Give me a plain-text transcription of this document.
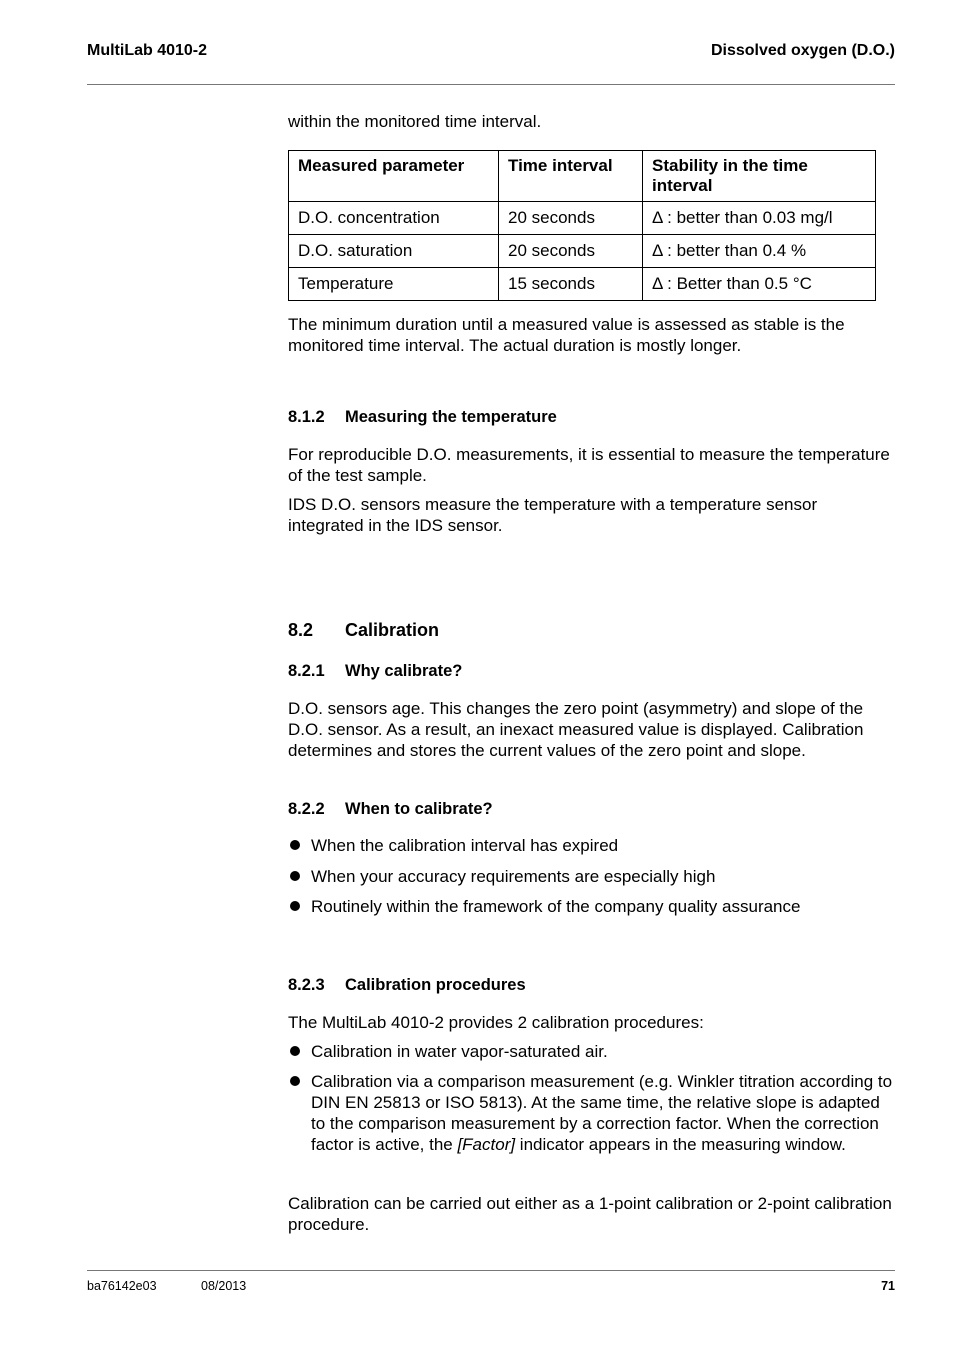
MultiLab 4010-2	Dissolved oxygen (D.O.)

within the monitored time interval.

Measured parameter	Time interval	Stability in the time interval
D.O. concentration	20 seconds	Δ : better than 0.03 mg/l
D.O. saturation	20 seconds	Δ : better than 0.4 %
Temperature	15 seconds	Δ : Better than 0.5 °C

The minimum duration until a measured value is assessed as stable is the monitored time interval. The actual duration is mostly longer.

8.1.2 Measuring the temperature

For reproducible D.O. measurements, it is essential to measure the temperature of the test sample.

IDS D.O. sensors measure the temperature with a temperature sensor integrated in the IDS sensor.

8.2 Calibration
8.2.1 Why calibrate?

D.O. sensors age. This changes the zero point (asymmetry) and slope of the D.O. sensor. As a result, an inexact measured value is displayed. Calibration determines and stores the current values of the zero point and slope.

8.2.2 When to calibrate?
When the calibration interval has expired
When your accuracy requirements are especially high
Routinely within the framework of the company quality assurance
8.2.3 Calibration procedures

The MultiLab 4010-2 provides 2 calibration procedures:

Calibration in water vapor-saturated air.
Calibration via a comparison measurement (e.g. Winkler titration according to DIN EN 25813 or ISO 5813). At the same time, the relative slope is adapted to the comparison measurement by a correction factor. When the correction factor is active, the [Factor] indicator appears in the measuring window.

Calibration can be carried out either as a 1-point calibration or 2-point calibration procedure.

ba76142e03	08/2013	71
